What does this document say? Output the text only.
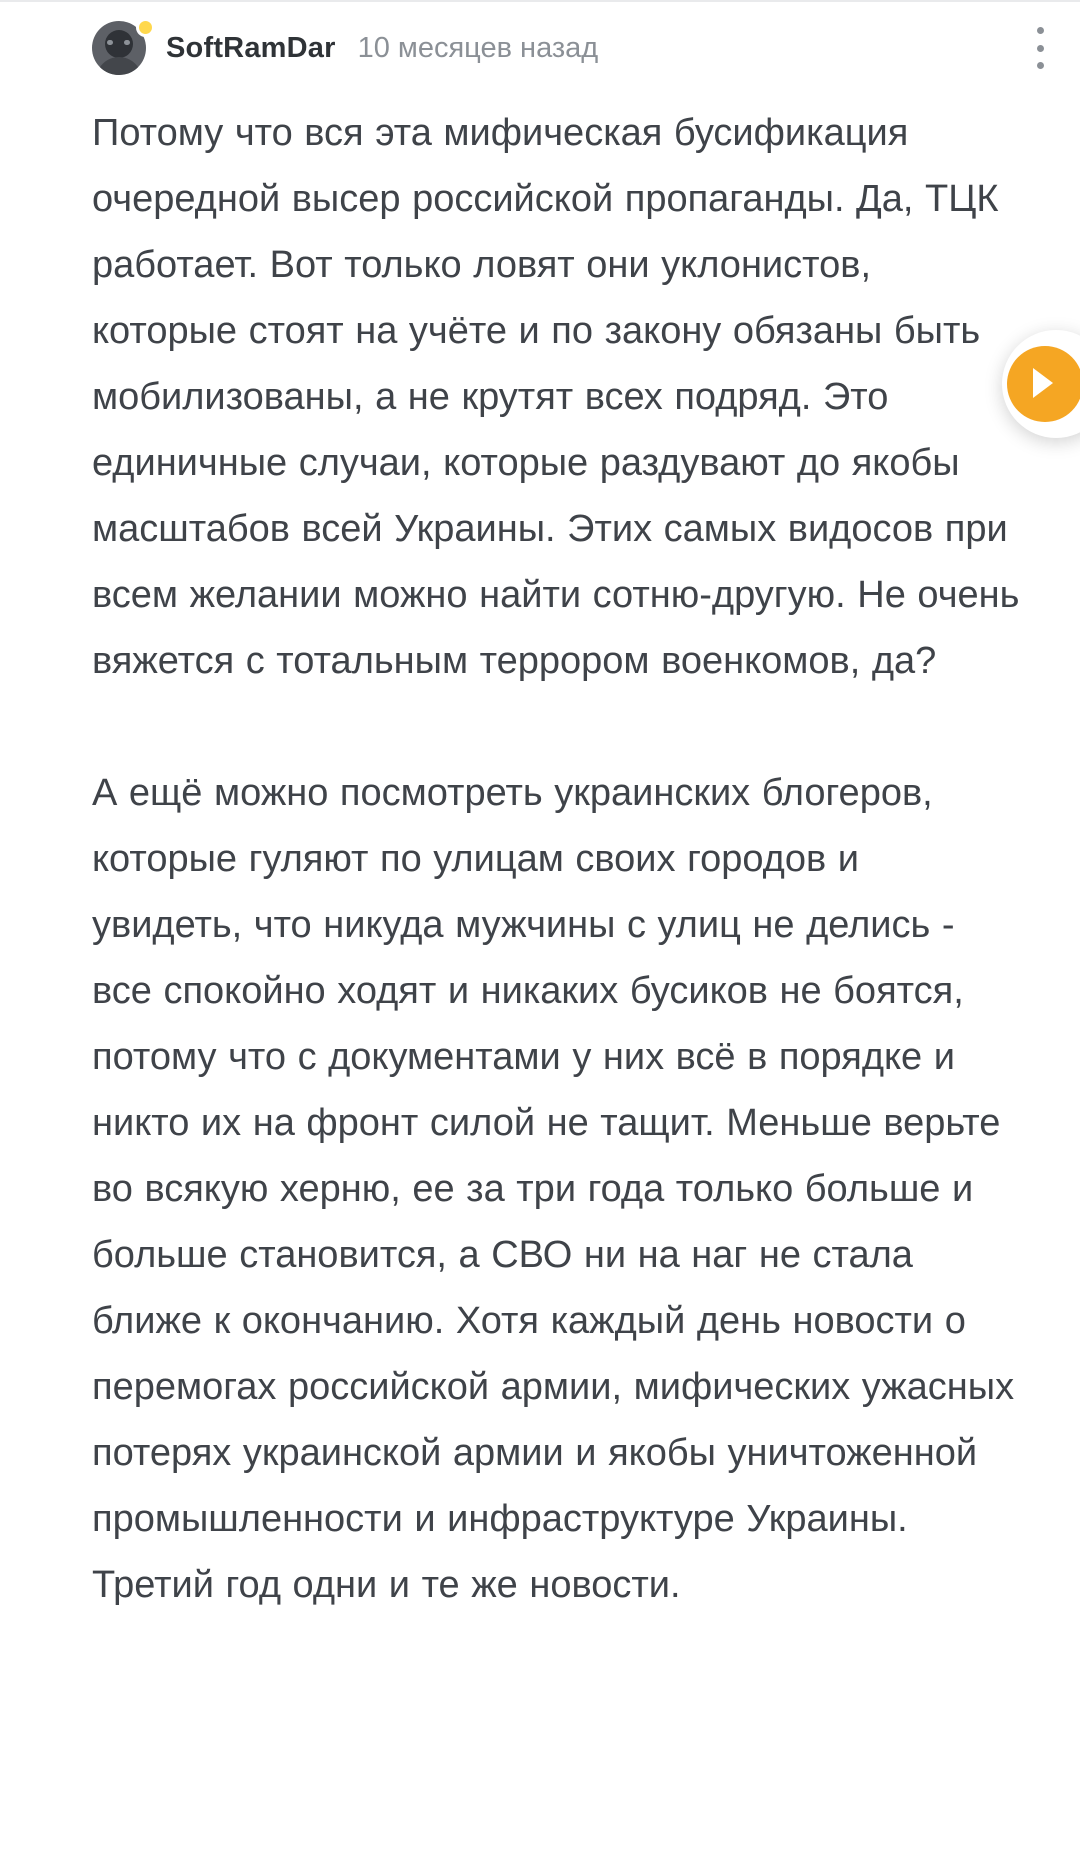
SoftRamDar 10 месяцев назад

Потому что вся эта мифическая бусификация очередной высер российской пропаганды. Да, ТЦК работает. Вот только ловят они уклонистов, которые стоят на учёте и по закону обязаны быть мобилизованы, а не крутят всех подряд. Это единичные случаи, которые раздувают до якобы масштабов всей Украины. Этих самых видосов при всем желании можно найти сотню-другую. Не очень вяжется с тотальным террором военкомов, да?

А ещё можно посмотреть украинских блогеров, которые гуляют по улицам своих городов и увидеть, что никуда мужчины с улиц не делись - все спокойно ходят и никаких бусиков не боятся, потому что с документами у них всё в порядке и никто их на фронт силой не тащит. Меньше верьте во всякую херню, ее за три года только больше и больше становится, а СВО ни на наг не стала ближе к окончанию. Хотя каждый день новости о перемогах российской армии, мифических ужасных потерях украинской армии и якобы уничтоженной промышленности и инфраструктуре Украины. Третий год одни и те же новости.
